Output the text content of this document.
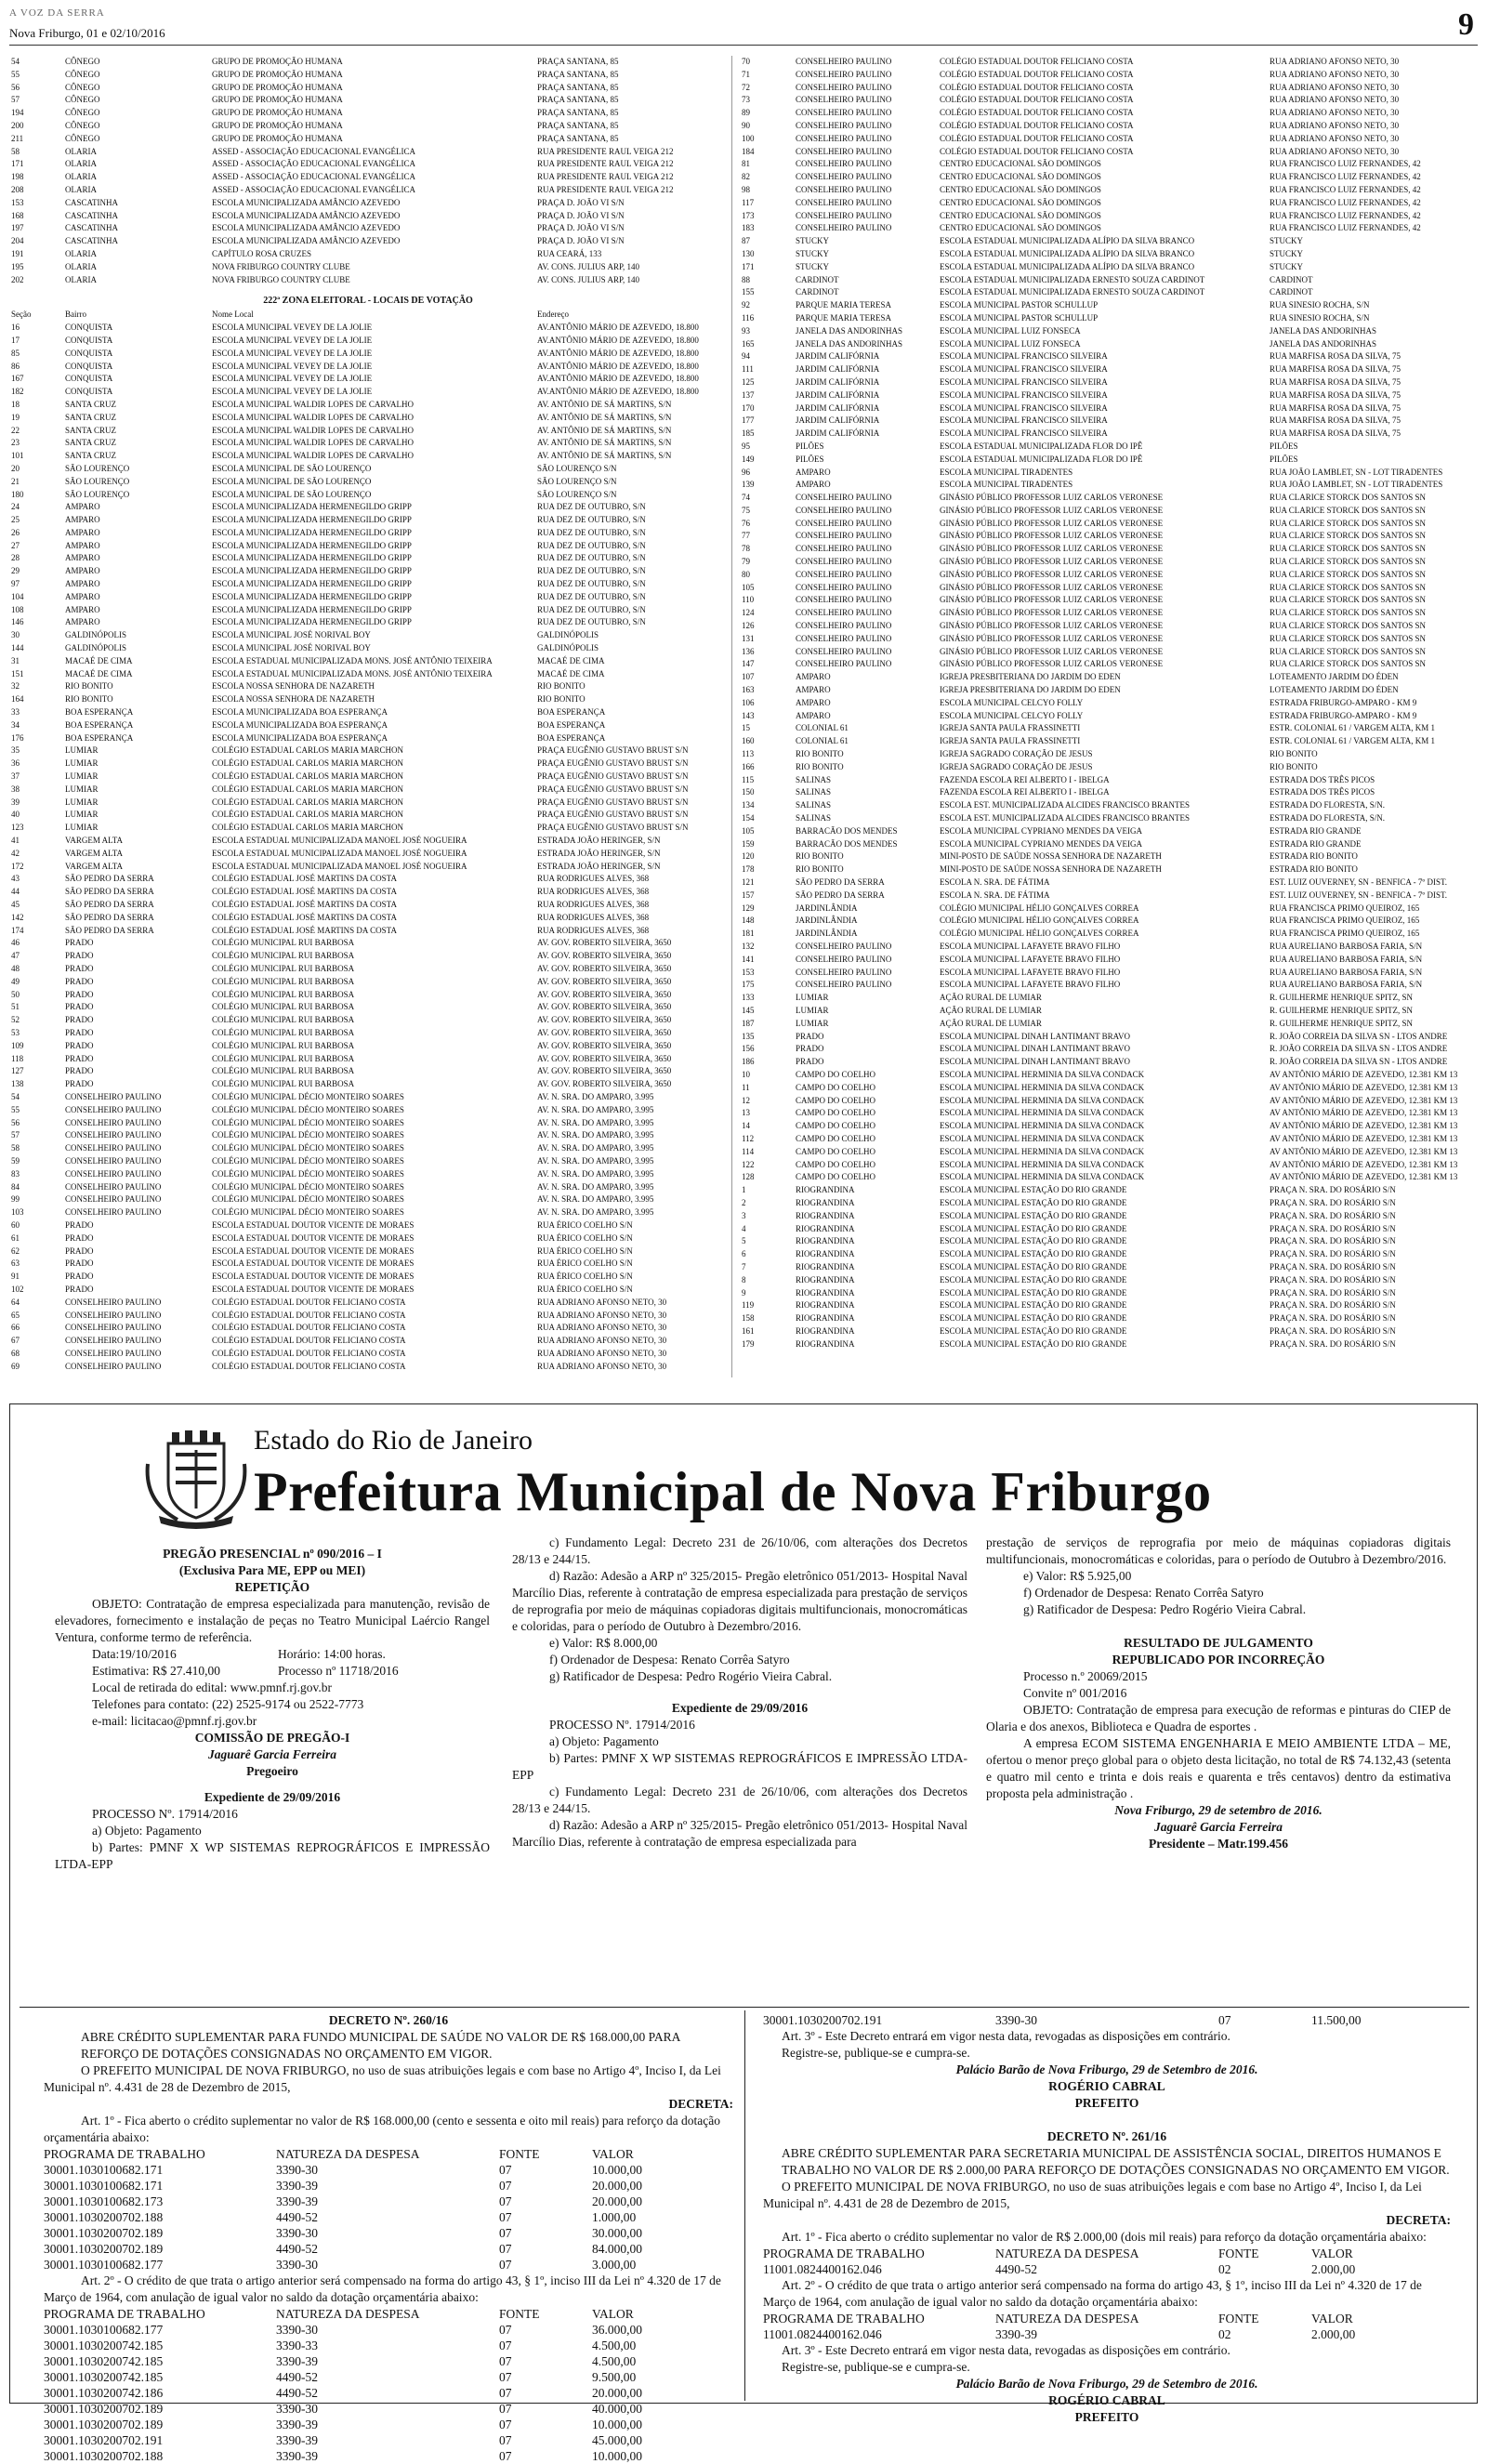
A VOZ DA SERRA
Nova Friburgo, 01 e 02/10/2016	9
54	CÔNEGO	GRUPO DE PROMOÇÃO HUMANA	PRAÇA SANTANA, 85
55	CÔNEGO	GRUPO DE PROMOÇÃO HUMANA	PRAÇA SANTANA, 85
56	CÔNEGO	GRUPO DE PROMOÇÃO HUMANA	PRAÇA SANTANA, 85
57	CÔNEGO	GRUPO DE PROMOÇÃO HUMANA	PRAÇA SANTANA, 85
194	CÔNEGO	GRUPO DE PROMOÇÃO HUMANA	PRAÇA SANTANA, 85
200	CÔNEGO	GRUPO DE PROMOÇÃO HUMANA	PRAÇA SANTANA, 85
211	CÔNEGO	GRUPO DE PROMOÇÃO HUMANA	PRAÇA SANTANA, 85
58	OLARIA	ASSED - ASSOCIAÇÃO EDUCACIONAL EVANGÉLICA	RUA PRESIDENTE RAUL VEIGA 212
171	OLARIA	ASSED - ASSOCIAÇÃO EDUCACIONAL EVANGÉLICA	RUA PRESIDENTE RAUL VEIGA 212
198	OLARIA	ASSED - ASSOCIAÇÃO EDUCACIONAL EVANGÉLICA	RUA PRESIDENTE RAUL VEIGA 212
208	OLARIA	ASSED - ASSOCIAÇÃO EDUCACIONAL EVANGÉLICA	RUA PRESIDENTE RAUL VEIGA 212
153	CASCATINHA	ESCOLA MUNICIPALIZADA AMÂNCIO AZEVEDO	PRAÇA D. JOÃO VI S/N
168	CASCATINHA	ESCOLA MUNICIPALIZADA AMÂNCIO AZEVEDO	PRAÇA D. JOÃO VI S/N
197	CASCATINHA	ESCOLA MUNICIPALIZADA AMÂNCIO AZEVEDO	PRAÇA D. JOÃO VI S/N
204	CASCATINHA	ESCOLA MUNICIPALIZADA AMÂNCIO AZEVEDO	PRAÇA D. JOÃO VI S/N
191	OLARIA	CAPÍTULO ROSA CRUZES	RUA CEARÁ, 133
195	OLARIA	NOVA FRIBURGO COUNTRY CLUBE	AV. CONS. JULIUS ARP, 140
202	OLARIA	NOVA FRIBURGO COUNTRY CLUBE	AV. CONS. JULIUS ARP, 140
222ª ZONA ELEITORAL - LOCAIS DE VOTAÇÃO
Seção	Bairro	Nome Local	Endereço
16	CONQUISTA	ESCOLA MUNICIPAL VEVEY DE LA JOLIE	AV.ANTÔNIO MÁRIO DE AZEVEDO, 18.800
17	CONQUISTA	ESCOLA MUNICIPAL VEVEY DE LA JOLIE	AV.ANTÔNIO MÁRIO DE AZEVEDO, 18.800
85	CONQUISTA	ESCOLA MUNICIPAL VEVEY DE LA JOLIE	AV.ANTÔNIO MÁRIO DE AZEVEDO, 18.800
86	CONQUISTA	ESCOLA MUNICIPAL VEVEY DE LA JOLIE	AV.ANTÔNIO MÁRIO DE AZEVEDO, 18.800
167	CONQUISTA	ESCOLA MUNICIPAL VEVEY DE LA JOLIE	AV.ANTÔNIO MÁRIO DE AZEVEDO, 18.800
182	CONQUISTA	ESCOLA MUNICIPAL VEVEY DE LA JOLIE	AV.ANTÔNIO MÁRIO DE AZEVEDO, 18.800
18	SANTA CRUZ	ESCOLA MUNICIPAL WALDIR LOPES DE CARVALHO	AV. ANTÔNIO DE SÁ MARTINS, S/N
19	SANTA CRUZ	ESCOLA MUNICIPAL WALDIR LOPES DE CARVALHO	AV. ANTÔNIO DE SÁ MARTINS, S/N
22	SANTA CRUZ	ESCOLA MUNICIPAL WALDIR LOPES DE CARVALHO	AV. ANTÔNIO DE SÁ MARTINS, S/N
23	SANTA CRUZ	ESCOLA MUNICIPAL WALDIR LOPES DE CARVALHO	AV. ANTÔNIO DE SÁ MARTINS, S/N
101	SANTA CRUZ	ESCOLA MUNICIPAL WALDIR LOPES DE CARVALHO	AV. ANTÔNIO DE SÁ MARTINS, S/N
20	SÃO LOURENÇO	ESCOLA MUNICIPAL DE SÃO LOURENÇO	SÃO LOURENÇO S/N
21	SÃO LOURENÇO	ESCOLA MUNICIPAL DE SÃO LOURENÇO	SÃO LOURENÇO S/N
180	SÃO LOURENÇO	ESCOLA MUNICIPAL DE SÃO LOURENÇO	SÃO LOURENÇO S/N
24	AMPARO	ESCOLA MUNICIPALIZADA HERMENEGILDO GRIPP	RUA DEZ DE OUTUBRO, S/N
25	AMPARO	ESCOLA MUNICIPALIZADA HERMENEGILDO GRIPP	RUA DEZ DE OUTUBRO, S/N
26	AMPARO	ESCOLA MUNICIPALIZADA HERMENEGILDO GRIPP	RUA DEZ DE OUTUBRO, S/N
27	AMPARO	ESCOLA MUNICIPALIZADA HERMENEGILDO GRIPP	RUA DEZ DE OUTUBRO, S/N
28	AMPARO	ESCOLA MUNICIPALIZADA HERMENEGILDO GRIPP	RUA DEZ DE OUTUBRO, S/N
29	AMPARO	ESCOLA MUNICIPALIZADA HERMENEGILDO GRIPP	RUA DEZ DE OUTUBRO, S/N
97	AMPARO	ESCOLA MUNICIPALIZADA HERMENEGILDO GRIPP	RUA DEZ DE OUTUBRO, S/N
104	AMPARO	ESCOLA MUNICIPALIZADA HERMENEGILDO GRIPP	RUA DEZ DE OUTUBRO, S/N
108	AMPARO	ESCOLA MUNICIPALIZADA HERMENEGILDO GRIPP	RUA DEZ DE OUTUBRO, S/N
146	AMPARO	ESCOLA MUNICIPALIZADA HERMENEGILDO GRIPP	RUA DEZ DE OUTUBRO, S/N
30	GALDINÓPOLIS	ESCOLA MUNICIPAL JOSÉ NORIVAL BOY	GALDINÓPOLIS
144	GALDINÓPOLIS	ESCOLA MUNICIPAL JOSÉ NORIVAL BOY	GALDINÓPOLIS
31	MACAÉ DE CIMA	ESCOLA ESTADUAL MUNICIPALIZADA MONS. JOSÉ ANTÔNIO TEIXEIRA	MACAÉ DE CIMA
151	MACAÉ DE CIMA	ESCOLA ESTADUAL MUNICIPALIZADA MONS. JOSÉ ANTÔNIO TEIXEIRA	MACAÉ DE CIMA
32	RIO BONITO	ESCOLA NOSSA SENHORA DE NAZARETH	RIO BONITO
164	RIO BONITO	ESCOLA NOSSA SENHORA DE NAZARETH	RIO BONITO
33	BOA ESPERANÇA	ESCOLA MUNICIPALIZADA BOA ESPERANÇA	BOA ESPERANÇA
34	BOA ESPERANÇA	ESCOLA MUNICIPALIZADA BOA ESPERANÇA	BOA ESPERANÇA
176	BOA ESPERANÇA	ESCOLA MUNICIPALIZADA BOA ESPERANÇA	BOA ESPERANÇA
35	LUMIAR	COLÉGIO ESTADUAL CARLOS MARIA MARCHON	PRAÇA EUGÊNIO GUSTAVO BRUST S/N
36	LUMIAR	COLÉGIO ESTADUAL CARLOS MARIA MARCHON	PRAÇA EUGÊNIO GUSTAVO BRUST S/N
37	LUMIAR	COLÉGIO ESTADUAL CARLOS MARIA MARCHON	PRAÇA EUGÊNIO GUSTAVO BRUST S/N
38	LUMIAR	COLÉGIO ESTADUAL CARLOS MARIA MARCHON	PRAÇA EUGÊNIO GUSTAVO BRUST S/N
39	LUMIAR	COLÉGIO ESTADUAL CARLOS MARIA MARCHON	PRAÇA EUGÊNIO GUSTAVO BRUST S/N
40	LUMIAR	COLÉGIO ESTADUAL CARLOS MARIA MARCHON	PRAÇA EUGÊNIO GUSTAVO BRUST S/N
123	LUMIAR	COLÉGIO ESTADUAL CARLOS MARIA MARCHON	PRAÇA EUGÊNIO GUSTAVO BRUST S/N
41	VARGEM ALTA	ESCOLA ESTADUAL MUNICIPALIZADA MANOEL JOSÉ NOGUEIRA	ESTRADA JOÃO HERINGER, S/N
42	VARGEM ALTA	ESCOLA ESTADUAL MUNICIPALIZADA MANOEL JOSÉ NOGUEIRA	ESTRADA JOÃO HERINGER, S/N
172	VARGEM ALTA	ESCOLA ESTADUAL MUNICIPALIZADA MANOEL JOSÉ NOGUEIRA	ESTRADA JOÃO HERINGER, S/N
43	SÃO PEDRO DA SERRA	COLÉGIO ESTADUAL JOSÉ MARTINS DA COSTA	RUA RODRIGUES ALVES, 368
44	SÃO PEDRO DA SERRA	COLÉGIO ESTADUAL JOSÉ MARTINS DA COSTA	RUA RODRIGUES ALVES, 368
45	SÃO PEDRO DA SERRA	COLÉGIO ESTADUAL JOSÉ MARTINS DA COSTA	RUA RODRIGUES ALVES, 368
142	SÃO PEDRO DA SERRA	COLÉGIO ESTADUAL JOSÉ MARTINS DA COSTA	RUA RODRIGUES ALVES, 368
174	SÃO PEDRO DA SERRA	COLÉGIO ESTADUAL JOSÉ MARTINS DA COSTA	RUA RODRIGUES ALVES, 368
46	PRADO	COLÉGIO MUNICIPAL RUI BARBOSA	AV. GOV. ROBERTO SILVEIRA, 3650
47	PRADO	COLÉGIO MUNICIPAL RUI BARBOSA	AV. GOV. ROBERTO SILVEIRA, 3650
48	PRADO	COLÉGIO MUNICIPAL RUI BARBOSA	AV. GOV. ROBERTO SILVEIRA, 3650
49	PRADO	COLÉGIO MUNICIPAL RUI BARBOSA	AV. GOV. ROBERTO SILVEIRA, 3650
50	PRADO	COLÉGIO MUNICIPAL RUI BARBOSA	AV. GOV. ROBERTO SILVEIRA, 3650
51	PRADO	COLÉGIO MUNICIPAL RUI BARBOSA	AV. GOV. ROBERTO SILVEIRA, 3650
52	PRADO	COLÉGIO MUNICIPAL RUI BARBOSA	AV. GOV. ROBERTO SILVEIRA, 3650
53	PRADO	COLÉGIO MUNICIPAL RUI BARBOSA	AV. GOV. ROBERTO SILVEIRA, 3650
109	PRADO	COLÉGIO MUNICIPAL RUI BARBOSA	AV. GOV. ROBERTO SILVEIRA, 3650
118	PRADO	COLÉGIO MUNICIPAL RUI BARBOSA	AV. GOV. ROBERTO SILVEIRA, 3650
127	PRADO	COLÉGIO MUNICIPAL RUI BARBOSA	AV. GOV. ROBERTO SILVEIRA, 3650
138	PRADO	COLÉGIO MUNICIPAL RUI BARBOSA	AV. GOV. ROBERTO SILVEIRA, 3650
54	CONSELHEIRO PAULINO	COLÉGIO MUNICIPAL DÉCIO MONTEIRO SOARES	AV. N. SRA. DO AMPARO, 3.995
55	CONSELHEIRO PAULINO	COLÉGIO MUNICIPAL DÉCIO MONTEIRO SOARES	AV. N. SRA. DO AMPARO, 3.995
56	CONSELHEIRO PAULINO	COLÉGIO MUNICIPAL DÉCIO MONTEIRO SOARES	AV. N. SRA. DO AMPARO, 3.995
57	CONSELHEIRO PAULINO	COLÉGIO MUNICIPAL DÉCIO MONTEIRO SOARES	AV. N. SRA. DO AMPARO, 3.995
58	CONSELHEIRO PAULINO	COLÉGIO MUNICIPAL DÉCIO MONTEIRO SOARES	AV. N. SRA. DO AMPARO, 3.995
59	CONSELHEIRO PAULINO	COLÉGIO MUNICIPAL DÉCIO MONTEIRO SOARES	AV. N. SRA. DO AMPARO, 3.995
83	CONSELHEIRO PAULINO	COLÉGIO MUNICIPAL DÉCIO MONTEIRO SOARES	AV. N. SRA. DO AMPARO, 3.995
84	CONSELHEIRO PAULINO	COLÉGIO MUNICIPAL DÉCIO MONTEIRO SOARES	AV. N. SRA. DO AMPARO, 3.995
99	CONSELHEIRO PAULINO	COLÉGIO MUNICIPAL DÉCIO MONTEIRO SOARES	AV. N. SRA. DO AMPARO, 3.995
103	CONSELHEIRO PAULINO	COLÉGIO MUNICIPAL DÉCIO MONTEIRO SOARES	AV. N. SRA. DO AMPARO, 3.995
60	PRADO	ESCOLA ESTADUAL DOUTOR VICENTE DE MORAES	RUA ÉRICO COELHO S/N
61	PRADO	ESCOLA ESTADUAL DOUTOR VICENTE DE MORAES	RUA ÉRICO COELHO S/N
62	PRADO	ESCOLA ESTADUAL DOUTOR VICENTE DE MORAES	RUA ÉRICO COELHO S/N
63	PRADO	ESCOLA ESTADUAL DOUTOR VICENTE DE MORAES	RUA ÉRICO COELHO S/N
91	PRADO	ESCOLA ESTADUAL DOUTOR VICENTE DE MORAES	RUA ÉRICO COELHO S/N
102	PRADO	ESCOLA ESTADUAL DOUTOR VICENTE DE MORAES	RUA ÉRICO COELHO S/N
64	CONSELHEIRO PAULINO	COLÉGIO ESTADUAL DOUTOR FELICIANO COSTA	RUA ADRIANO AFONSO NETO, 30
65	CONSELHEIRO PAULINO	COLÉGIO ESTADUAL DOUTOR FELICIANO COSTA	RUA ADRIANO AFONSO NETO, 30
66	CONSELHEIRO PAULINO	COLÉGIO ESTADUAL DOUTOR FELICIANO COSTA	RUA ADRIANO AFONSO NETO, 30
67	CONSELHEIRO PAULINO	COLÉGIO ESTADUAL DOUTOR FELICIANO COSTA	RUA ADRIANO AFONSO NETO, 30
68	CONSELHEIRO PAULINO	COLÉGIO ESTADUAL DOUTOR FELICIANO COSTA	RUA ADRIANO AFONSO NETO, 30
69	CONSELHEIRO PAULINO	COLÉGIO ESTADUAL DOUTOR FELICIANO COSTA	RUA ADRIANO AFONSO NETO, 30
70	CONSELHEIRO PAULINO	COLÉGIO ESTADUAL DOUTOR FELICIANO COSTA	RUA ADRIANO AFONSO NETO, 30
71	CONSELHEIRO PAULINO	COLÉGIO ESTADUAL DOUTOR FELICIANO COSTA	RUA ADRIANO AFONSO NETO, 30
72	CONSELHEIRO PAULINO	COLÉGIO ESTADUAL DOUTOR FELICIANO COSTA	RUA ADRIANO AFONSO NETO, 30
73	CONSELHEIRO PAULINO	COLÉGIO ESTADUAL DOUTOR FELICIANO COSTA	RUA ADRIANO AFONSO NETO, 30
89	CONSELHEIRO PAULINO	COLÉGIO ESTADUAL DOUTOR FELICIANO COSTA	RUA ADRIANO AFONSO NETO, 30
90	CONSELHEIRO PAULINO	COLÉGIO ESTADUAL DOUTOR FELICIANO COSTA	RUA ADRIANO AFONSO NETO, 30
100	CONSELHEIRO PAULINO	COLÉGIO ESTADUAL DOUTOR FELICIANO COSTA	RUA ADRIANO AFONSO NETO, 30
184	CONSELHEIRO PAULINO	COLÉGIO ESTADUAL DOUTOR FELICIANO COSTA	RUA ADRIANO AFONSO NETO, 30
81	CONSELHEIRO PAULINO	CENTRO EDUCACIONAL SÃO DOMINGOS	RUA FRANCISCO LUIZ FERNANDES, 42
82	CONSELHEIRO PAULINO	CENTRO EDUCACIONAL SÃO DOMINGOS	RUA FRANCISCO LUIZ FERNANDES, 42
98	CONSELHEIRO PAULINO	CENTRO EDUCACIONAL SÃO DOMINGOS	RUA FRANCISCO LUIZ FERNANDES, 42
117	CONSELHEIRO PAULINO	CENTRO EDUCACIONAL SÃO DOMINGOS	RUA FRANCISCO LUIZ FERNANDES, 42
173	CONSELHEIRO PAULINO	CENTRO EDUCACIONAL SÃO DOMINGOS	RUA FRANCISCO LUIZ FERNANDES, 42
183	CONSELHEIRO PAULINO	CENTRO EDUCACIONAL SÃO DOMINGOS	RUA FRANCISCO LUIZ FERNANDES, 42
87	STUCKY	ESCOLA ESTADUAL MUNICIPALIZADA ALÍPIO DA SILVA BRANCO	STUCKY
130	STUCKY	ESCOLA ESTADUAL MUNICIPALIZADA ALÍPIO DA SILVA BRANCO	STUCKY
171	STUCKY	ESCOLA ESTADUAL MUNICIPALIZADA ALÍPIO DA SILVA BRANCO	STUCKY
88	CARDINOT	ESCOLA ESTADUAL MUNICIPALIZADA ERNESTO SOUZA CARDINOT	CARDINOT
155	CARDINOT	ESCOLA ESTADUAL MUNICIPALIZADA ERNESTO SOUZA CARDINOT	CARDINOT
92	PARQUE MARIA TERESA	ESCOLA MUNICIPAL PASTOR SCHULLUP	RUA SINESIO ROCHA, S/N
116	PARQUE MARIA TERESA	ESCOLA MUNICIPAL PASTOR SCHULLUP	RUA SINESIO ROCHA, S/N
93	JANELA DAS ANDORINHAS	ESCOLA MUNICIPAL LUIZ FONSECA	JANELA DAS ANDORINHAS
165	JANELA DAS ANDORINHAS	ESCOLA MUNICIPAL LUIZ FONSECA	JANELA DAS ANDORINHAS
94	JARDIM CALIFÓRNIA	ESCOLA MUNICIPAL FRANCISCO SILVEIRA	RUA MARFISA ROSA DA SILVA, 75
111	JARDIM CALIFÓRNIA	ESCOLA MUNICIPAL FRANCISCO SILVEIRA	RUA MARFISA ROSA DA SILVA, 75
125	JARDIM CALIFÓRNIA	ESCOLA MUNICIPAL FRANCISCO SILVEIRA	RUA MARFISA ROSA DA SILVA, 75
137	JARDIM CALIFÓRNIA	ESCOLA MUNICIPAL FRANCISCO SILVEIRA	RUA MARFISA ROSA DA SILVA, 75
170	JARDIM CALIFÓRNIA	ESCOLA MUNICIPAL FRANCISCO SILVEIRA	RUA MARFISA ROSA DA SILVA, 75
177	JARDIM CALIFÓRNIA	ESCOLA MUNICIPAL FRANCISCO SILVEIRA	RUA MARFISA ROSA DA SILVA, 75
185	JARDIM CALIFÓRNIA	ESCOLA MUNICIPAL FRANCISCO SILVEIRA	RUA MARFISA ROSA DA SILVA, 75
95	PILÕES	ESCOLA ESTADUAL MUNICIPALIZADA FLOR DO IPÊ	PILÕES
149	PILÕES	ESCOLA ESTADUAL MUNICIPALIZADA FLOR DO IPÊ	PILÕES
96	AMPARO	ESCOLA MUNICIPAL TIRADENTES	RUA JOÃO LAMBLET, SN - LOT TIRADENTES
139	AMPARO	ESCOLA MUNICIPAL TIRADENTES	RUA JOÃO LAMBLET, SN - LOT TIRADENTES
74	CONSELHEIRO PAULINO	GINÁSIO PÚBLICO PROFESSOR LUIZ CARLOS VERONESE	RUA CLARICE STORCK DOS SANTOS SN
75	CONSELHEIRO PAULINO	GINÁSIO PÚBLICO PROFESSOR LUIZ CARLOS VERONESE	RUA CLARICE STORCK DOS SANTOS SN
76	CONSELHEIRO PAULINO	GINÁSIO PÚBLICO PROFESSOR LUIZ CARLOS VERONESE	RUA CLARICE STORCK DOS SANTOS SN
77	CONSELHEIRO PAULINO	GINÁSIO PÚBLICO PROFESSOR LUIZ CARLOS VERONESE	RUA CLARICE STORCK DOS SANTOS SN
78	CONSELHEIRO PAULINO	GINÁSIO PÚBLICO PROFESSOR LUIZ CARLOS VERONESE	RUA CLARICE STORCK DOS SANTOS SN
79	CONSELHEIRO PAULINO	GINÁSIO PÚBLICO PROFESSOR LUIZ CARLOS VERONESE	RUA CLARICE STORCK DOS SANTOS SN
80	CONSELHEIRO PAULINO	GINÁSIO PÚBLICO PROFESSOR LUIZ CARLOS VERONESE	RUA CLARICE STORCK DOS SANTOS SN
105	CONSELHEIRO PAULINO	GINÁSIO PÚBLICO PROFESSOR LUIZ CARLOS VERONESE	RUA CLARICE STORCK DOS SANTOS SN
110	CONSELHEIRO PAULINO	GINÁSIO PÚBLICO PROFESSOR LUIZ CARLOS VERONESE	RUA CLARICE STORCK DOS SANTOS SN
124	CONSELHEIRO PAULINO	GINÁSIO PÚBLICO PROFESSOR LUIZ CARLOS VERONESE	RUA CLARICE STORCK DOS SANTOS SN
126	CONSELHEIRO PAULINO	GINÁSIO PÚBLICO PROFESSOR LUIZ CARLOS VERONESE	RUA CLARICE STORCK DOS SANTOS SN
131	CONSELHEIRO PAULINO	GINÁSIO PÚBLICO PROFESSOR LUIZ CARLOS VERONESE	RUA CLARICE STORCK DOS SANTOS SN
136	CONSELHEIRO PAULINO	GINÁSIO PÚBLICO PROFESSOR LUIZ CARLOS VERONESE	RUA CLARICE STORCK DOS SANTOS SN
147	CONSELHEIRO PAULINO	GINÁSIO PÚBLICO PROFESSOR LUIZ CARLOS VERONESE	RUA CLARICE STORCK DOS SANTOS SN
107	AMPARO	IGREJA PRESBITERIANA DO JARDIM DO EDEN	LOTEAMENTO JARDIM DO ÉDEN
163	AMPARO	IGREJA PRESBITERIANA DO JARDIM DO EDEN	LOTEAMENTO JARDIM DO ÉDEN
106	AMPARO	ESCOLA MUNICIPAL CELCYO FOLLY	ESTRADA FRIBURGO-AMPARO - KM 9
143	AMPARO	ESCOLA MUNICIPAL CELCYO FOLLY	ESTRADA FRIBURGO-AMPARO - KM 9
15	COLONIAL 61	IGREJA SANTA PAULA FRASSINETTI	ESTR. COLONIAL 61 / VARGEM ALTA, KM 1
160	COLONIAL 61	IGREJA SANTA PAULA FRASSINETTI	ESTR. COLONIAL 61 / VARGEM ALTA, KM 1
113	RIO BONITO	IGREJA SAGRADO CORAÇÃO DE JESUS	RIO BONITO
166	RIO BONITO	IGREJA SAGRADO CORAÇÃO DE JESUS	RIO BONITO
115	SALINAS	FAZENDA ESCOLA REI ALBERTO I - IBELGA	ESTRADA DOS TRÊS PICOS
150	SALINAS	FAZENDA ESCOLA REI ALBERTO I - IBELGA	ESTRADA DOS TRÊS PICOS
134	SALINAS	ESCOLA EST. MUNICIPALIZADA ALCIDES FRANCISCO BRANTES	ESTRADA DO FLORESTA, S/N.
154	SALINAS	ESCOLA EST. MUNICIPALIZADA ALCIDES FRANCISCO BRANTES	ESTRADA DO FLORESTA, S/N.
105	BARRACÃO DOS MENDES	ESCOLA MUNICIPAL CYPRIANO MENDES DA VEIGA	ESTRADA RIO GRANDE
159	BARRACÃO DOS MENDES	ESCOLA MUNICIPAL CYPRIANO MENDES DA VEIGA	ESTRADA RIO GRANDE
120	RIO BONITO	MINI-POSTO DE SAÚDE NOSSA SENHORA DE NAZARETH	ESTRADA RIO BONITO
178	RIO BONITO	MINI-POSTO DE SAÚDE NOSSA SENHORA DE NAZARETH	ESTRADA RIO BONITO
121	SÃO PEDRO DA SERRA	ESCOLA N. SRA. DE FÁTIMA	EST. LUIZ OUVERNEY, SN - BENFICA - 7º DIST.
157	SÃO PEDRO DA SERRA	ESCOLA N. SRA. DE FÁTIMA	EST. LUIZ OUVERNEY, SN - BENFICA - 7º DIST.
129	JARDINLÂNDIA	COLÉGIO MUNICIPAL HÉLIO GONÇALVES CORREA	RUA FRANCISCA PRIMO QUEIROZ, 165
148	JARDINLÂNDIA	COLÉGIO MUNICIPAL HÉLIO GONÇALVES CORREA	RUA FRANCISCA PRIMO QUEIROZ, 165
181	JARDINLÂNDIA	COLÉGIO MUNICIPAL HÉLIO GONÇALVES CORREA	RUA FRANCISCA PRIMO QUEIROZ, 165
132	CONSELHEIRO PAULINO	ESCOLA MUNICIPAL LAFAYETE BRAVO FILHO	RUA AURELIANO BARBOSA FARIA, S/N
141	CONSELHEIRO PAULINO	ESCOLA MUNICIPAL LAFAYETE BRAVO FILHO	RUA AURELIANO BARBOSA FARIA, S/N
153	CONSELHEIRO PAULINO	ESCOLA MUNICIPAL LAFAYETE BRAVO FILHO	RUA AURELIANO BARBOSA FARIA, S/N
175	CONSELHEIRO PAULINO	ESCOLA MUNICIPAL LAFAYETE BRAVO FILHO	RUA AURELIANO BARBOSA FARIA, S/N
133	LUMIAR	AÇÃO RURAL DE LUMIAR	R. GUILHERME HENRIQUE SPITZ, SN
145	LUMIAR	AÇÃO RURAL DE LUMIAR	R. GUILHERME HENRIQUE SPITZ, SN
187	LUMIAR	AÇÃO RURAL DE LUMIAR	R. GUILHERME HENRIQUE SPITZ, SN
135	PRADO	ESCOLA MUNICIPAL DINAH LANTIMANT BRAVO	R. JOÃO CORREIA DA SILVA SN - LTOS ANDRE
156	PRADO	ESCOLA MUNICIPAL DINAH LANTIMANT BRAVO	R. JOÃO CORREIA DA SILVA SN - LTOS ANDRE
186	PRADO	ESCOLA MUNICIPAL DINAH LANTIMANT BRAVO	R. JOÃO CORREIA DA SILVA SN - LTOS ANDRE
10	CAMPO DO COELHO	ESCOLA MUNICIPAL HERMINIA DA SILVA CONDACK	AV ANTÔNIO MÁRIO DE AZEVEDO, 12.381 KM 13
11	CAMPO DO COELHO	ESCOLA MUNICIPAL HERMINIA DA SILVA CONDACK	AV ANTÔNIO MÁRIO DE AZEVEDO, 12.381 KM 13
12	CAMPO DO COELHO	ESCOLA MUNICIPAL HERMINIA DA SILVA CONDACK	AV ANTÔNIO MÁRIO DE AZEVEDO, 12.381 KM 13
13	CAMPO DO COELHO	ESCOLA MUNICIPAL HERMINIA DA SILVA CONDACK	AV ANTÔNIO MÁRIO DE AZEVEDO, 12.381 KM 13
14	CAMPO DO COELHO	ESCOLA MUNICIPAL HERMINIA DA SILVA CONDACK	AV ANTÔNIO MÁRIO DE AZEVEDO, 12.381 KM 13
112	CAMPO DO COELHO	ESCOLA MUNICIPAL HERMINIA DA SILVA CONDACK	AV ANTÔNIO MÁRIO DE AZEVEDO, 12.381 KM 13
114	CAMPO DO COELHO	ESCOLA MUNICIPAL HERMINIA DA SILVA CONDACK	AV ANTÔNIO MÁRIO DE AZEVEDO, 12.381 KM 13
122	CAMPO DO COELHO	ESCOLA MUNICIPAL HERMINIA DA SILVA CONDACK	AV ANTÔNIO MÁRIO DE AZEVEDO, 12.381 KM 13
128	CAMPO DO COELHO	ESCOLA MUNICIPAL HERMINIA DA SILVA CONDACK	AV ANTÔNIO MÁRIO DE AZEVEDO, 12.381 KM 13
1	RIOGRANDINA	ESCOLA MUNICIPAL ESTAÇÃO DO RIO GRANDE	PRAÇA N. SRA. DO ROSÁRIO S/N
2	RIOGRANDINA	ESCOLA MUNICIPAL ESTAÇÃO DO RIO GRANDE	PRAÇA N. SRA. DO ROSÁRIO S/N
3	RIOGRANDINA	ESCOLA MUNICIPAL ESTAÇÃO DO RIO GRANDE	PRAÇA N. SRA. DO ROSÁRIO S/N
4	RIOGRANDINA	ESCOLA MUNICIPAL ESTAÇÃO DO RIO GRANDE	PRAÇA N. SRA. DO ROSÁRIO S/N
5	RIOGRANDINA	ESCOLA MUNICIPAL ESTAÇÃO DO RIO GRANDE	PRAÇA N. SRA. DO ROSÁRIO S/N
6	RIOGRANDINA	ESCOLA MUNICIPAL ESTAÇÃO DO RIO GRANDE	PRAÇA N. SRA. DO ROSÁRIO S/N
7	RIOGRANDINA	ESCOLA MUNICIPAL ESTAÇÃO DO RIO GRANDE	PRAÇA N. SRA. DO ROSÁRIO S/N
8	RIOGRANDINA	ESCOLA MUNICIPAL ESTAÇÃO DO RIO GRANDE	PRAÇA N. SRA. DO ROSÁRIO S/N
9	RIOGRANDINA	ESCOLA MUNICIPAL ESTAÇÃO DO RIO GRANDE	PRAÇA N. SRA. DO ROSÁRIO S/N
119	RIOGRANDINA	ESCOLA MUNICIPAL ESTAÇÃO DO RIO GRANDE	PRAÇA N. SRA. DO ROSÁRIO S/N
158	RIOGRANDINA	ESCOLA MUNICIPAL ESTAÇÃO DO RIO GRANDE	PRAÇA N. SRA. DO ROSÁRIO S/N
161	RIOGRANDINA	ESCOLA MUNICIPAL ESTAÇÃO DO RIO GRANDE	PRAÇA N. SRA. DO ROSÁRIO S/N
179	RIOGRANDINA	ESCOLA MUNICIPAL ESTAÇÃO DO RIO GRANDE	PRAÇA N. SRA. DO ROSÁRIO S/N
Estado do Rio de Janeiro
Prefeitura Municipal de Nova Friburgo

PREGÃO PRESENCIAL nº 090/2016 – I

(Exclusiva Para ME, EPP ou MEI)

REPETIÇÃO

OBJETO: Contratação de empresa especializada para manutenção, revisão de elevadores, fornecimento e instalação de peças no Teatro Municipal Laércio Rangel Ventura, conforme termo de referência.

Data:19/10/2016	Horário: 14:00 horas.

Estimativa: R$ 27.410,00	Processo nº 11718/2016

Local de retirada do edital: www.pmnf.rj.gov.br

Telefones para contato: (22) 2525-9174 ou 2522-7773

e-mail: licitacao@pmnf.rj.gov.br

COMISSÃO DE PREGÃO-I

Jaguarê Garcia Ferreira

Pregoeiro

Expediente de 29/09/2016

PROCESSO Nº. 17914/2016

a) Objeto: Pagamento

b) Partes: PMNF X WP SISTEMAS REPROGRÁFICOS E IMPRESSÃO LTDA-EPP

c) Fundamento Legal: Decreto 231 de 26/10/06, com alterações dos Decretos 28/13 e 244/15.

d) Razão: Adesão a ARP nº 325/2015- Pregão eletrônico 051/2013- Hospital Naval Marcílio Dias, referente à contratação de empresa especializada para prestação de serviços de reprografia por meio de máquinas copiadoras digitais multifuncionais, monocromáticas e coloridas, para o período de Outubro à Dezembro/2016.

e) Valor: R$ 8.000,00

f) Ordenador de Despesa: Renato Corrêa Satyro

g) Ratificador de Despesa: Pedro Rogério Vieira Cabral.

Expediente de 29/09/2016

PROCESSO Nº. 17914/2016

a) Objeto: Pagamento

b) Partes: PMNF X WP SISTEMAS REPROGRÁFICOS E IMPRESSÃO LTDA-EPP

c) Fundamento Legal: Decreto 231 de 26/10/06, com alterações dos Decretos 28/13 e 244/15.

d) Razão: Adesão a ARP nº 325/2015- Pregão eletrônico 051/2013- Hospital Naval Marcílio Dias, referente à contratação de empresa especializada para

prestação de serviços de reprografia por meio de máquinas copiadoras digitais multifuncionais, monocromáticas e coloridas, para o período de Outubro à Dezembro/2016.

e) Valor: R$ 5.925,00

f) Ordenador de Despesa: Renato Corrêa Satyro

g) Ratificador de Despesa: Pedro Rogério Vieira Cabral.

RESULTADO DE JULGAMENTO

REPUBLICADO POR INCORREÇÃO

Processo n.º 20069/2015

Convite nº 001/2016

OBJETO: Contratação de empresa para execução de reformas e pinturas do CIEP de Olaria e dos anexos, Biblioteca e Quadra de esportes .

A empresa ECOM SISTEMA ENGENHARIA E MEIO AMBIENTE LTDA – ME, ofertou o menor preço global para o objeto desta licitação, no total de R$ 74.132,43 (setenta e quatro mil cento e trinta e dois reais e quarenta e três centavos) dentro da estimativa proposta pela administração .

Nova Friburgo, 29 de setembro de 2016.

Jaguarê Garcia Ferreira

Presidente – Matr.199.456

DECRETO Nº. 260/16

ABRE CRÉDITO SUPLEMENTAR PARA FUNDO MUNICIPAL DE SAÚDE NO VALOR DE R$ 168.000,00 PARA REFORÇO DE DOTAÇÕES CONSIGNADAS NO ORÇAMENTO EM VIGOR.

O PREFEITO MUNICIPAL DE NOVA FRIBURGO, no uso de suas atribuições legais e com base no Artigo 4º, Inciso I, da Lei Municipal nº. 4.431 de 28 de Dezembro de 2015,

DECRETA:

Art. 1º - Fica aberto o crédito suplementar no valor de R$ 168.000,00 (cento e sessenta e oito mil reais) para reforço da dotação orçamentária abaixo:

PROGRAMA DE TRABALHO	NATUREZA DA DESPESA	FONTE	VALOR
30001.1030100682.171	3390-30	07	10.000,00
30001.1030100682.171	3390-39	07	20.000,00
30001.1030100682.173	3390-39	07	20.000,00
30001.1030200702.188	4490-52	07	1.000,00
30001.1030200702.189	3390-30	07	30.000,00
30001.1030200702.189	4490-52	07	84.000,00
30001.1030100682.177	3390-30	07	3.000,00

Art. 2º - O crédito de que trata o artigo anterior será compensado na forma do artigo 43, § 1º, inciso III da Lei nº 4.320 de 17 de Março de 1964, com anulação de igual valor no saldo da dotação orçamentária abaixo:

PROGRAMA DE TRABALHO	NATUREZA DA DESPESA	FONTE	VALOR
30001.1030100682.177	3390-30	07	36.000,00
30001.1030200742.185	3390-33	07	4.500,00
30001.1030200742.185	3390-39	07	4.500,00
30001.1030200742.185	4490-52	07	9.500,00
30001.1030200742.186	4490-52	07	20.000,00
30001.1030200702.189	3390-30	07	40.000,00
30001.1030200702.189	3390-39	07	10.000,00
30001.1030200702.191	3390-39	07	45.000,00
30001.1030200702.188	3390-39	07	10.000,00
30001.1030200702.191	3390-30	07	11.500,00

Art. 3º - Este Decreto entrará em vigor nesta data, revogadas as disposições em contrário.

Registre-se, publique-se e cumpra-se.

Palácio Barão de Nova Friburgo, 29 de Setembro de 2016.

ROGÉRIO CABRAL

PREFEITO

DECRETO Nº. 261/16

ABRE CRÉDITO SUPLEMENTAR PARA SECRETARIA MUNICIPAL DE ASSISTÊNCIA SOCIAL, DIREITOS HUMANOS E TRABALHO NO VALOR DE R$ 2.000,00 PARA REFORÇO DE DOTAÇÕES CONSIGNADAS NO ORÇAMENTO EM VIGOR.

O PREFEITO MUNICIPAL DE NOVA FRIBURGO, no uso de suas atribuições legais e com base no Artigo 4º, Inciso I, da Lei Municipal nº. 4.431 de 28 de Dezembro de 2015,

DECRETA:

Art. 1º - Fica aberto o crédito suplementar no valor de R$ 2.000,00 (dois mil reais) para reforço da dotação orçamentária abaixo:

PROGRAMA DE TRABALHO	NATUREZA DA DESPESA	FONTE	VALOR
11001.0824400162.046	4490-52	02	2.000,00

Art. 2º - O crédito de que trata o artigo anterior será compensado na forma do artigo 43, § 1º, inciso III da Lei nº 4.320 de 17 de Março de 1964, com anulação de igual valor no saldo da dotação orçamentária abaixo:

PROGRAMA DE TRABALHO	NATUREZA DA DESPESA	FONTE	VALOR
11001.0824400162.046	3390-39	02	2.000,00

Art. 3º - Este Decreto entrará em vigor nesta data, revogadas as disposições em contrário.

Registre-se, publique-se e cumpra-se.

Palácio Barão de Nova Friburgo, 29 de Setembro de 2016.

ROGÉRIO CABRAL

PREFEITO
